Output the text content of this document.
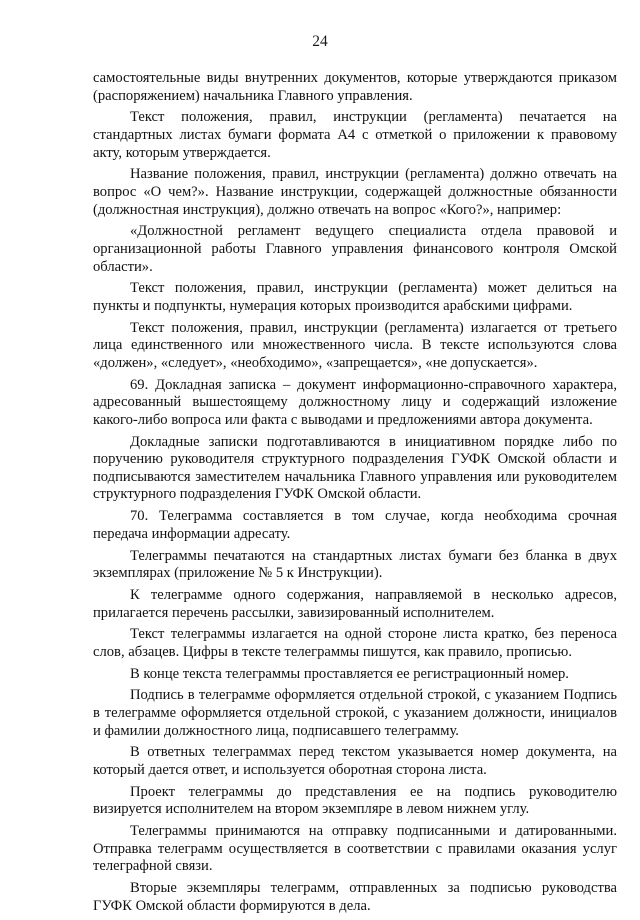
24

самостоятельные виды внутренних документов, которые утверждаются приказом (распоряжением) начальника Главного управления.

Текст положения, правил, инструкции (регламента) печатается на стандартных листах бумаги формата А4 с отметкой о приложении к правовому акту, которым утверждается.

Название положения, правил, инструкции (регламента) должно отвечать на вопрос «О чем?». Название инструкции, содержащей должностные обязанности (должностная инструкция), должно отвечать на вопрос «Кого?», например:

«Должностной регламент ведущего специалиста отдела правовой и организационной работы Главного управления финансового контроля Омской области».

Текст положения, правил, инструкции (регламента) может делиться на пункты и подпункты, нумерация которых производится арабскими цифрами.

Текст положения, правил, инструкции (регламента) излагается от третьего лица единственного или множественного числа. В тексте используются слова «должен», «следует», «необходимо», «запрещается», «не допускается».

69. Докладная записка – документ информационно-справочного характера, адресованный вышестоящему должностному лицу и содержащий изложение какого-либо вопроса или факта с выводами и предложениями автора документа.

Докладные записки подготавливаются в инициативном порядке либо по поручению руководителя структурного подразделения ГУФК Омской области и подписываются заместителем начальника Главного управления или руководителем структурного подразделения ГУФК Омской области.

70. Телеграмма составляется в том случае, когда необходима срочная передача информации адресату.

Телеграммы печатаются на стандартных листах бумаги без бланка в двух экземплярах (приложение № 5 к Инструкции).

К телеграмме одного содержания, направляемой в несколько адресов, прилагается перечень рассылки, завизированный исполнителем.

Текст телеграммы излагается на одной стороне листа кратко, без переноса слов, абзацев. Цифры в тексте телеграммы пишутся, как правило, прописью.

В конце текста телеграммы проставляется ее регистрационный номер.

Подпись в телеграмме оформляется отдельной строкой, с указанием Подпись в телеграмме оформляется отдельной строкой, с указанием должности, инициалов и фамилии должностного лица, подписавшего телеграмму.

В ответных телеграммах перед текстом указывается номер документа, на который дается ответ, и используется оборотная сторона листа.

Проект телеграммы до представления ее на подпись руководителю визируется исполнителем на втором экземпляре в левом нижнем углу.

Телеграммы принимаются на отправку подписанными и датированными. Отправка телеграмм осуществляется в соответствии с правилами оказания услуг телеграфной связи.

Вторые экземпляры телеграмм, отправленных за подписью руководства ГУФК Омской области формируются в дела.
